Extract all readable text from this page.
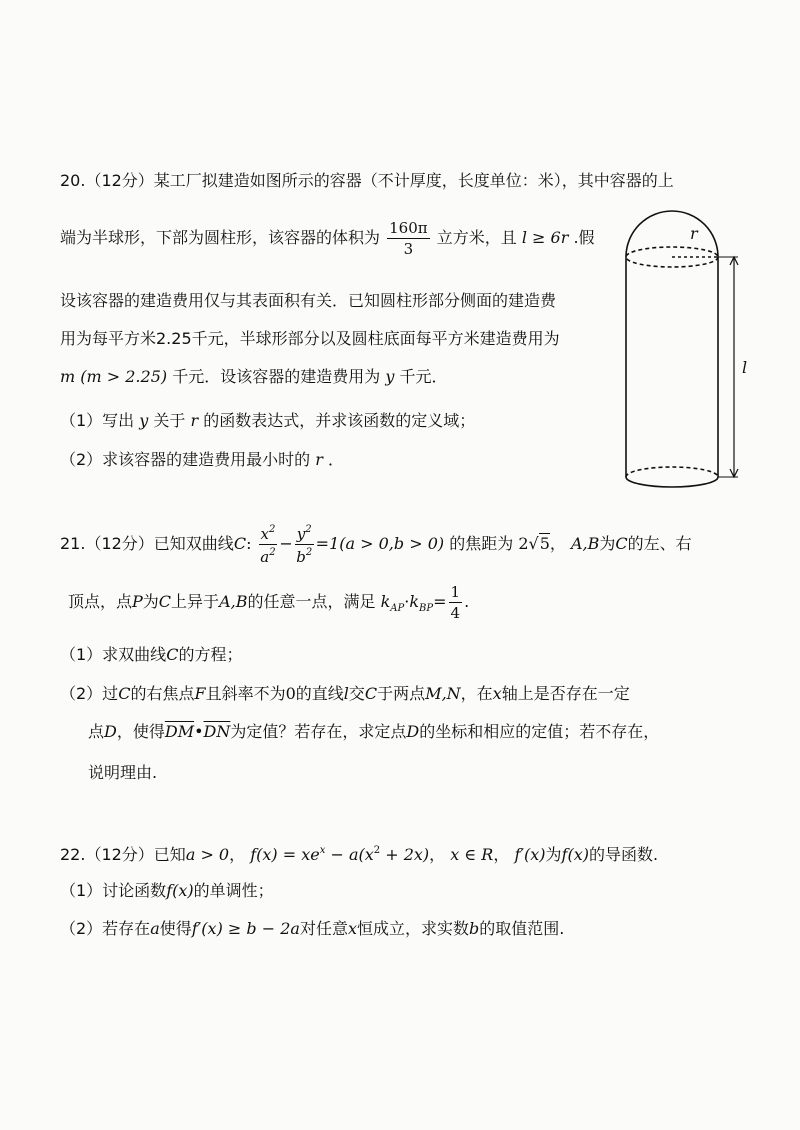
20.（12分）某工厂拟建造如图所示的容器（不计厚度，长度单位：米），其中容器的上
端为半球形，下部为圆柱形，该容器的体积为 $\frac{160\pi}{3}$ 立方米，且 l ≥ 6r .假
设该容器的建造费用仅与其表面积有关．已知圆柱形部分侧面的建造费
用为每平方米2.25千元，半球形部分以及圆柱底面每平方米建造费用为
m (m > 2.25) 千元．设该容器的建造费用为 y 千元．
（1）写出 y 关于 r 的函数表达式，并求该函数的定义域；
（2）求该容器的建造费用最小时的 r ．
r
l
21.（12分）已知双曲线C: $\frac{x^2}{a^2} - \frac{y^2}{b^2} =1(a > 0,b > 0)$ 的焦距为 2√5， A,B为C的左、右
顶点，点P为C上异于A,B的任意一点，满足 $k_{AP}\cdot k_{BP}= \frac{1}{4}$ .
（1）求双曲线C的方程；
（2）过C的右焦点F且斜率不为0的直线l交C于两点M,N，在x轴上是否存在一定
点D，使得$\overline{DM}•\overline{DN}$为定值？若存在，求定点D的坐标和相应的定值；若不存在，
说明理由.
22.（12分）已知a > 0， $f(x) = xe^x - a(x^2 + 2x)$， x ∈ R， f′(x)为f(x)的导函数.
（1）讨论函数f(x)的单调性；
（2）若存在a使得f′(x) ≥ b − 2a对任意x恒成立，求实数b的取值范围.
